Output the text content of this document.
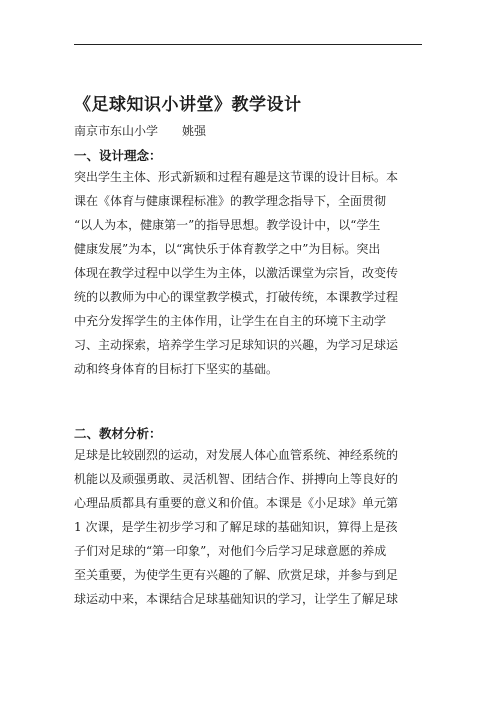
《足球知识小讲堂》教学设计
南京市东山小学 姚强
一、设计理念：
突出学生主体、形式新颖和过程有趣是这节课的设计目标。本
课在《体育与健康课程标准》的教学理念指导下，全面贯彻
“以人为本，健康第一”的指导思想。教学设计中，以“学生
健康发展”为本，以“寓快乐于体育教学之中”为目标。突出
体现在教学过程中以学生为主体，以激活课堂为宗旨，改变传
统的以教师为中心的课堂教学模式，打破传统，本课教学过程
中充分发挥学生的主体作用，让学生在自主的环境下主动学
习、主动探索，培养学生学习足球知识的兴趣，为学习足球运
动和终身体育的目标打下坚实的基础。
二、教材分析：
足球是比较剧烈的运动，对发展人体心血管系统、神经系统的
机能以及顽强勇敢、灵活机智、团结合作、拼搏向上等良好的
心理品质都具有重要的意义和价值。本课是《小足球》单元第
1 次课，是学生初步学习和了解足球的基础知识，算得上是孩
子们对足球的“第一印象”，对他们今后学习足球意愿的养成
至关重要，为使学生更有兴趣的了解、欣赏足球，并参与到足
球运动中来，本课结合足球基础知识的学习，让学生了解足球
